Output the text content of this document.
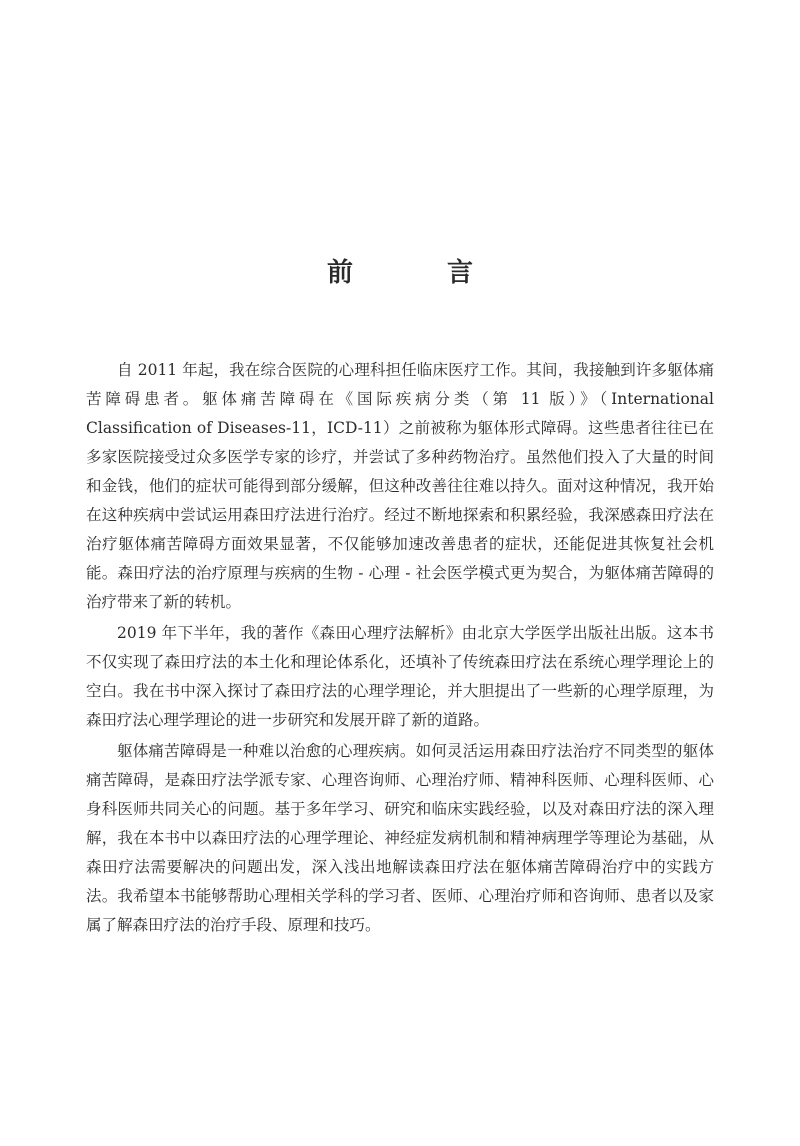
前　言

自 2011 年起，我在综合医院的心理科担任临床医疗工作。其间，我接触到许多躯体痛苦障碍患者。躯体痛苦障碍在《国际疾病分类（第 11 版）》（International Classification of Diseases-11，ICD-11）之前被称为躯体形式障碍。这些患者往往已在多家医院接受过众多医学专家的诊疗，并尝试了多种药物治疗。虽然他们投入了大量的时间和金钱，他们的症状可能得到部分缓解，但这种改善往往难以持久。面对这种情况，我开始在这种疾病中尝试运用森田疗法进行治疗。经过不断地探索和积累经验，我深感森田疗法在治疗躯体痛苦障碍方面效果显著，不仅能够加速改善患者的症状，还能促进其恢复社会机能。森田疗法的治疗原理与疾病的生物 - 心理 - 社会医学模式更为契合，为躯体痛苦障碍的治疗带来了新的转机。

2019 年下半年，我的著作《森田心理疗法解析》由北京大学医学出版社出版。这本书不仅实现了森田疗法的本土化和理论体系化，还填补了传统森田疗法在系统心理学理论上的空白。我在书中深入探讨了森田疗法的心理学理论，并大胆提出了一些新的心理学原理，为森田疗法心理学理论的进一步研究和发展开辟了新的道路。

躯体痛苦障碍是一种难以治愈的心理疾病。如何灵活运用森田疗法治疗不同类型的躯体痛苦障碍，是森田疗法学派专家、心理咨询师、心理治疗师、精神科医师、心理科医师、心身科医师共同关心的问题。基于多年学习、研究和临床实践经验，以及对森田疗法的深入理解，我在本书中以森田疗法的心理学理论、神经症发病机制和精神病理学等理论为基础，从森田疗法需要解决的问题出发，深入浅出地解读森田疗法在躯体痛苦障碍治疗中的实践方法。我希望本书能够帮助心理相关学科的学习者、医师、心理治疗师和咨询师、患者以及家属了解森田疗法的治疗手段、原理和技巧。
